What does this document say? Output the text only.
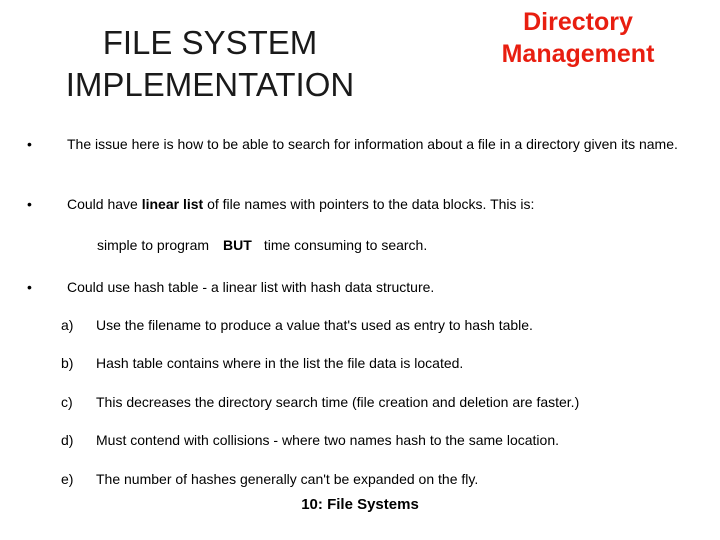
FILE SYSTEM
IMPLEMENTATION
Directory
Management
•	The issue here is how to be able to search for information about a file in a directory given its name.
•	Could have linear list of file names with pointers to the data blocks. This is:
simple to program BUT time consuming to search.
•	Could use hash table - a linear list with hash data structure.
a) Use the filename to produce a value that's used as entry to hash table.
b) Hash table contains where in the list the file data is located.
c) This decreases the directory search time (file creation and deletion are faster.)
d) Must contend with collisions - where two names hash to the same location.
e) The number of hashes generally can't be expanded on the fly.
10: File Systems
